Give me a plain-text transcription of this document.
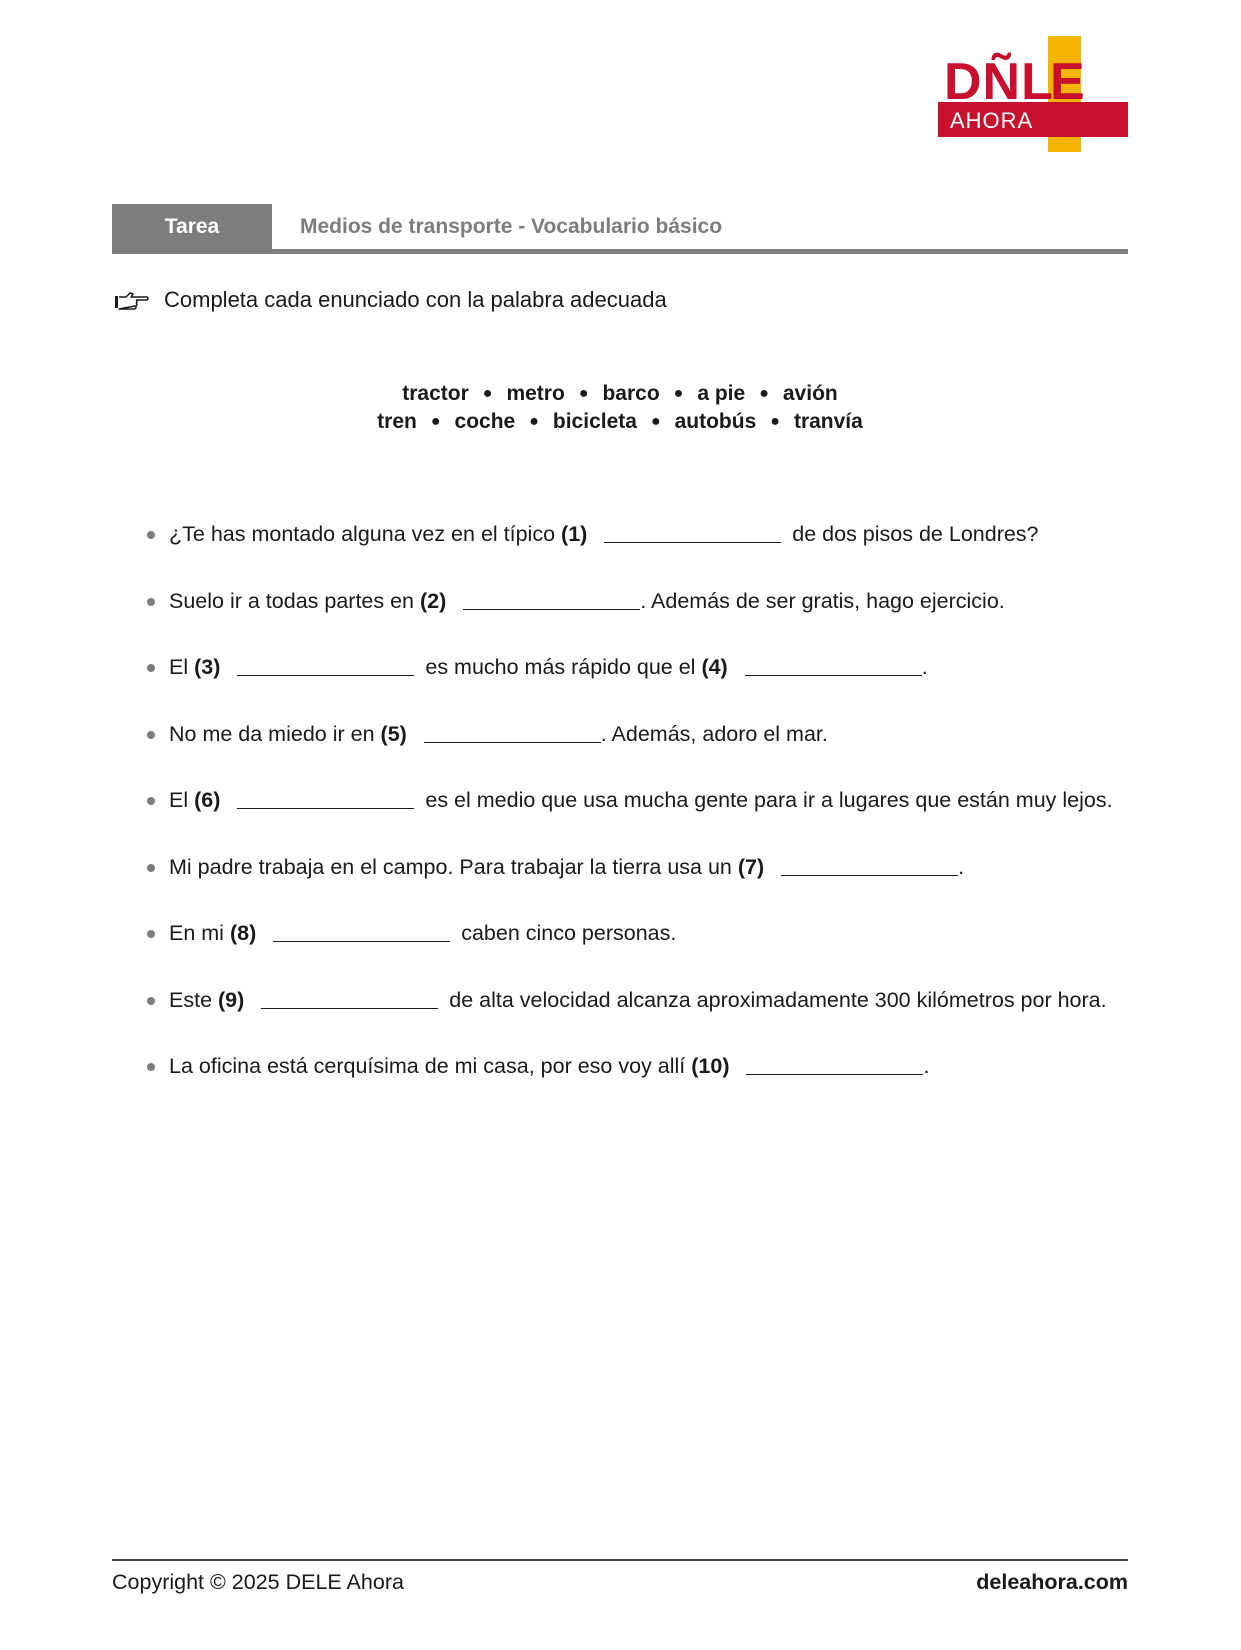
DÑL
E
AHORA
Tarea	Medios de transporte - Vocabulario básico
Completa cada enunciado con la palabra adecuada
tractor ● metro ● barco ● a pie ● avión
tren ● coche ● bicicleta ● autobús ● tranvía
¿Te has montado alguna vez en el típico (1)	de dos pisos de Londres?
Suelo ir a todas partes en (2)	. Además de ser gratis, hago ejercicio.
El (3)	es mucho más rápido que el (4)	.
No me da miedo ir en (5)	. Además, adoro el mar.
El (6)	es el medio que usa mucha gente para ir a lugares que están muy lejos.
Mi padre trabaja en el campo. Para trabajar la tierra usa un (7)	.
En mi (8)	caben cinco personas.
Este (9)	de alta velocidad alcanza aproximadamente 300 kilómetros por hora.
La oficina está cerquísima de mi casa, por eso voy allí (10)	.
Copyright © 2025 DELE Ahora	deleahora.com
